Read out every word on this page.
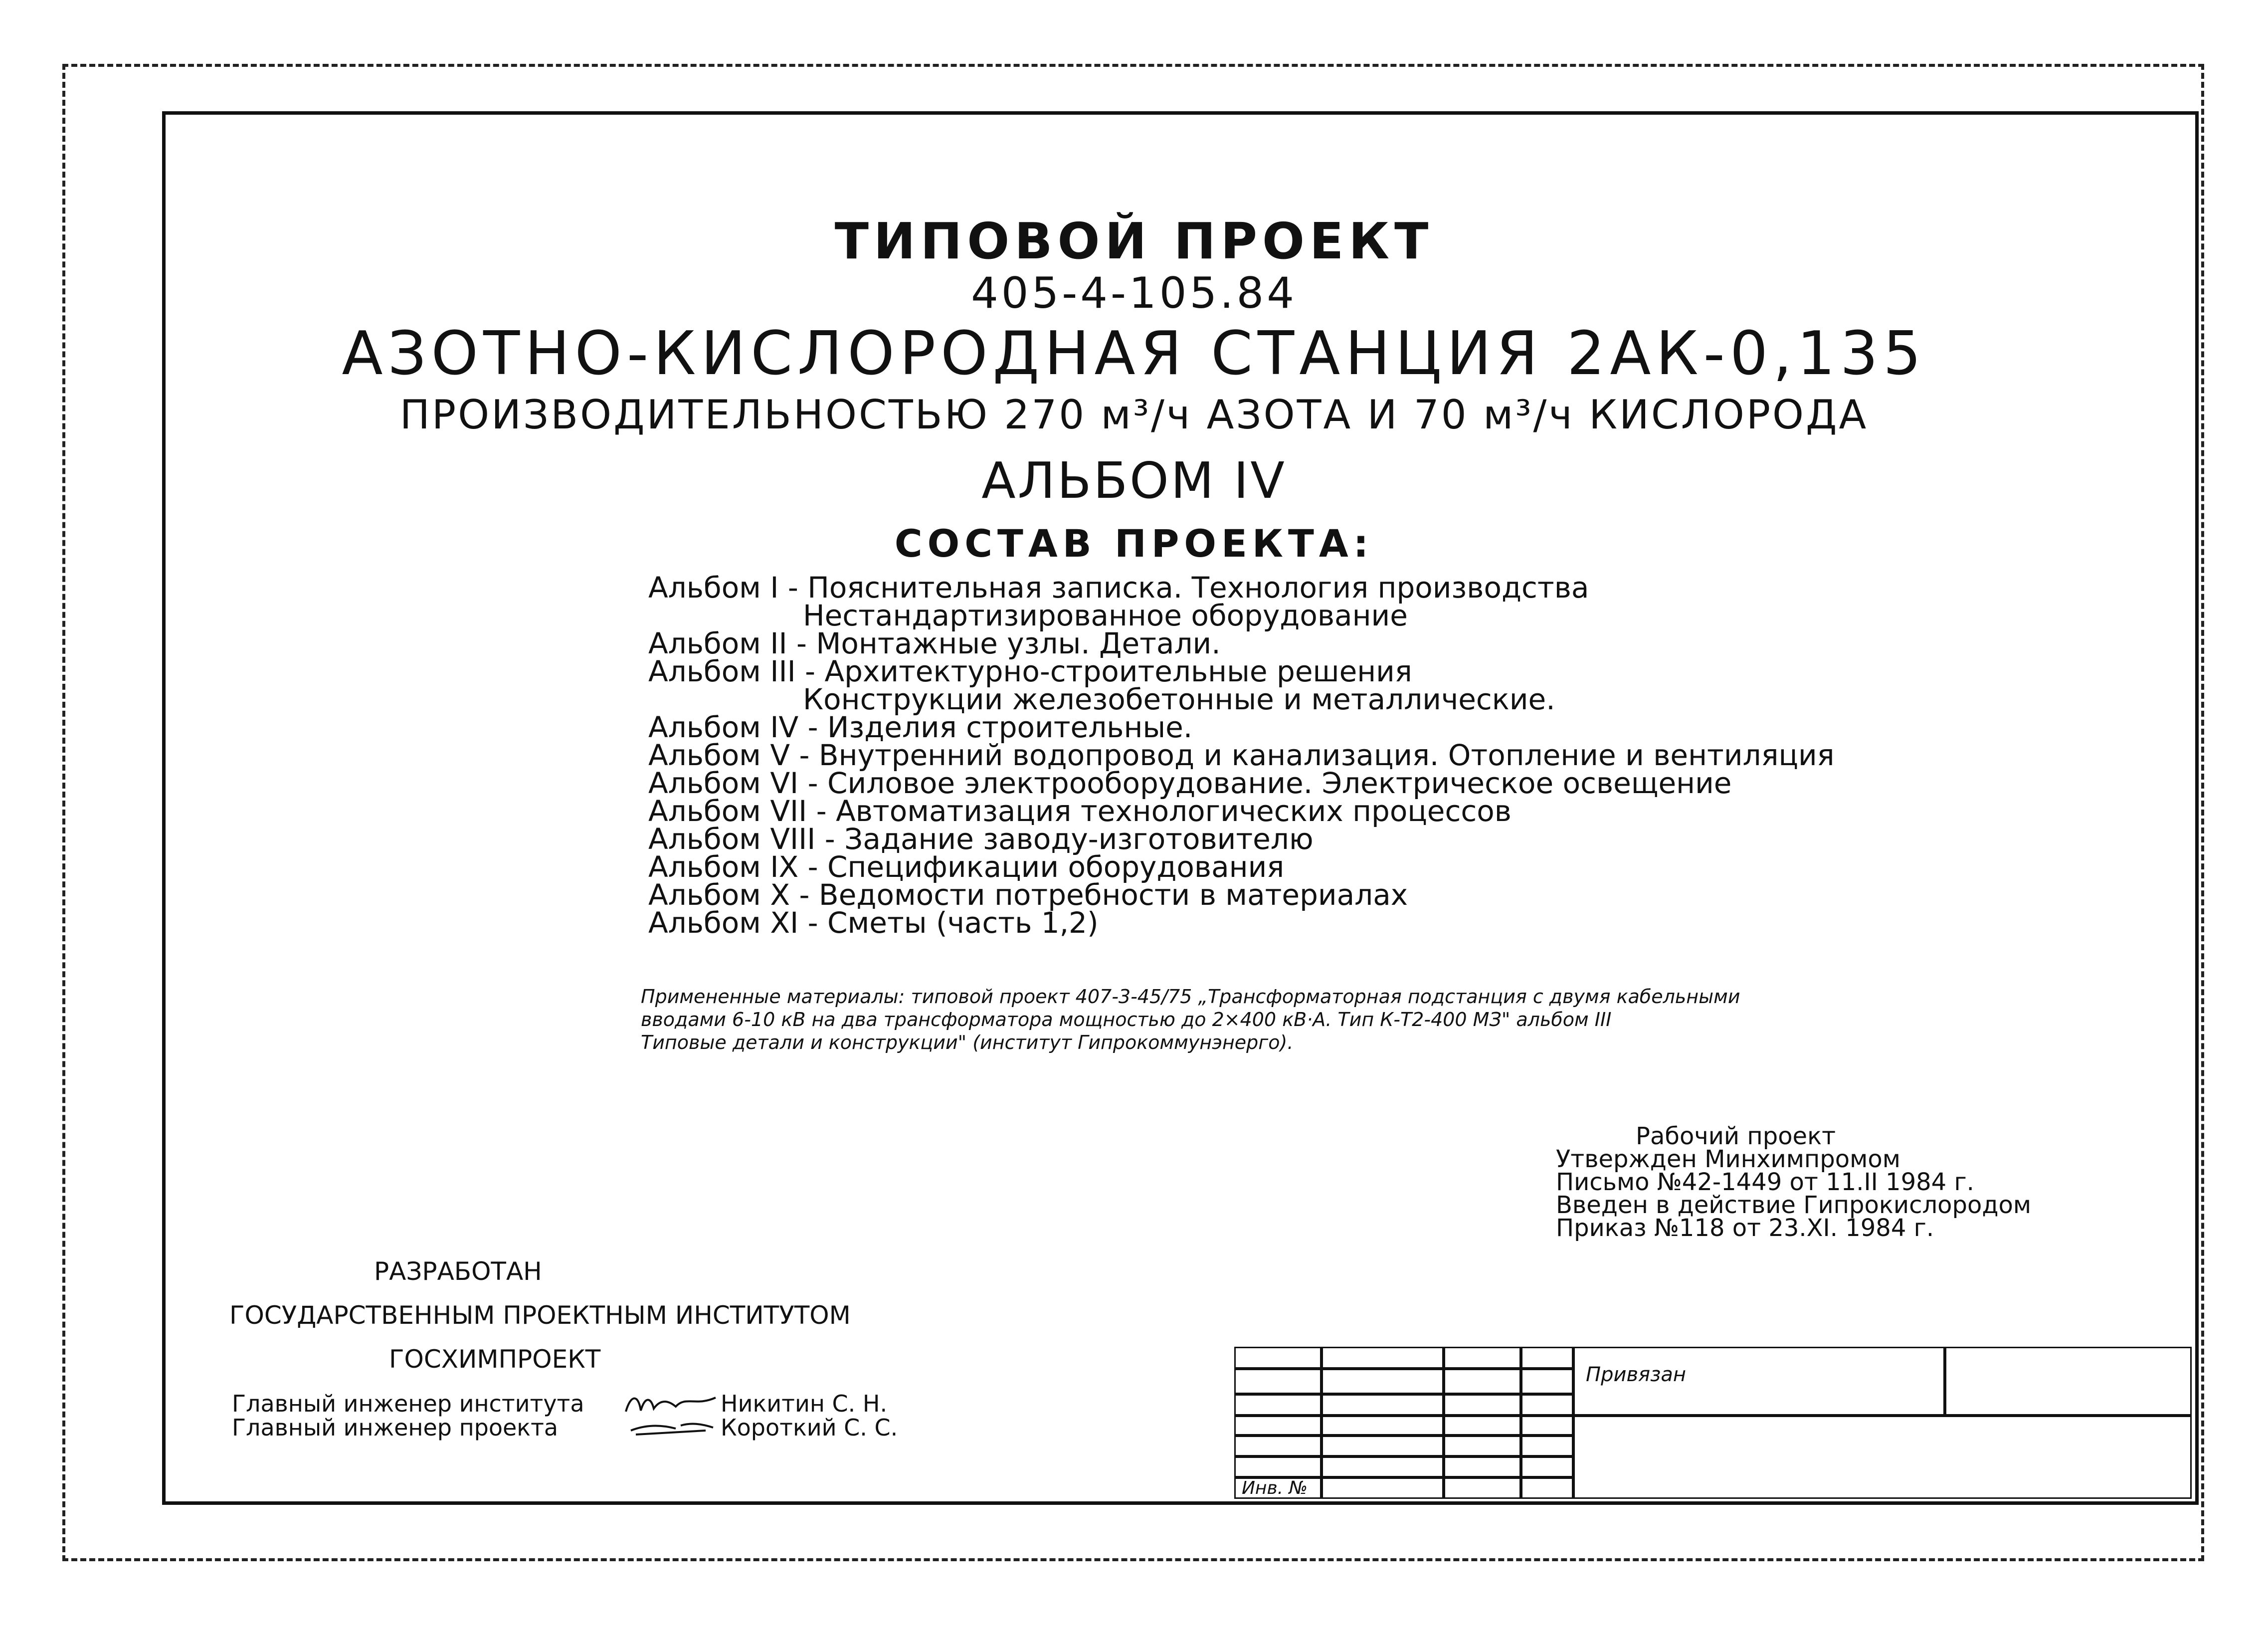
ТИПОВОЙ ПРОЕКТ
405-4-105.84
АЗОТНО-КИСЛОРОДНАЯ СТАНЦИЯ 2АК-0,135
ПРОИЗВОДИТЕЛЬНОСТЬЮ 270 м³/ч АЗОТА И 70 м³/ч КИСЛОРОДА
АЛЬБОМ IV
СОСТАВ ПРОЕКТА:
Альбом I - Пояснительная записка. Технология производства
Нестандартизированное оборудование
Альбом II - Монтажные узлы. Детали.
Альбом III - Архитектурно-строительные решения
Конструкции железобетонные и металлические.
Альбом IV - Изделия строительные.
Альбом V - Внутренний водопровод и канализация. Отопление и вентиляция
Альбом VI - Силовое электрооборудование. Электрическое освещение
Альбом VII - Автоматизация технологических процессов
Альбом VIII - Задание заводу-изготовителю
Альбом IX - Спецификации оборудования
Альбом X - Ведомости потребности в материалах
Альбом XI - Сметы (часть 1,2)
Примененные материалы: типовой проект 407-3-45/75 „Трансформаторная подстанция с двумя кабельными
вводами 6-10 кВ на два трансформатора мощностью до 2×400 кВ·А. Тип К-Т2-400 МЗ" альбом III
Типовые детали и конструкции" (институт Гипрокоммунэнерго).
Рабочий проект
Утвержден Минхимпромом
Письмо №42-1449 от 11.II 1984 г.
Введен в действие Гипрокислородом
Приказ №118 от 23.XI. 1984 г.
РАЗРАБОТАН
ГОСУДАРСТВЕННЫМ ПРОЕКТНЫМ ИНСТИТУТОМ
ГОСХИМПРОЕКТ
Главный инженер института	Никитин С. Н.
Главный инженер проекта	Короткий С. С.
Привязан
Инв. №
